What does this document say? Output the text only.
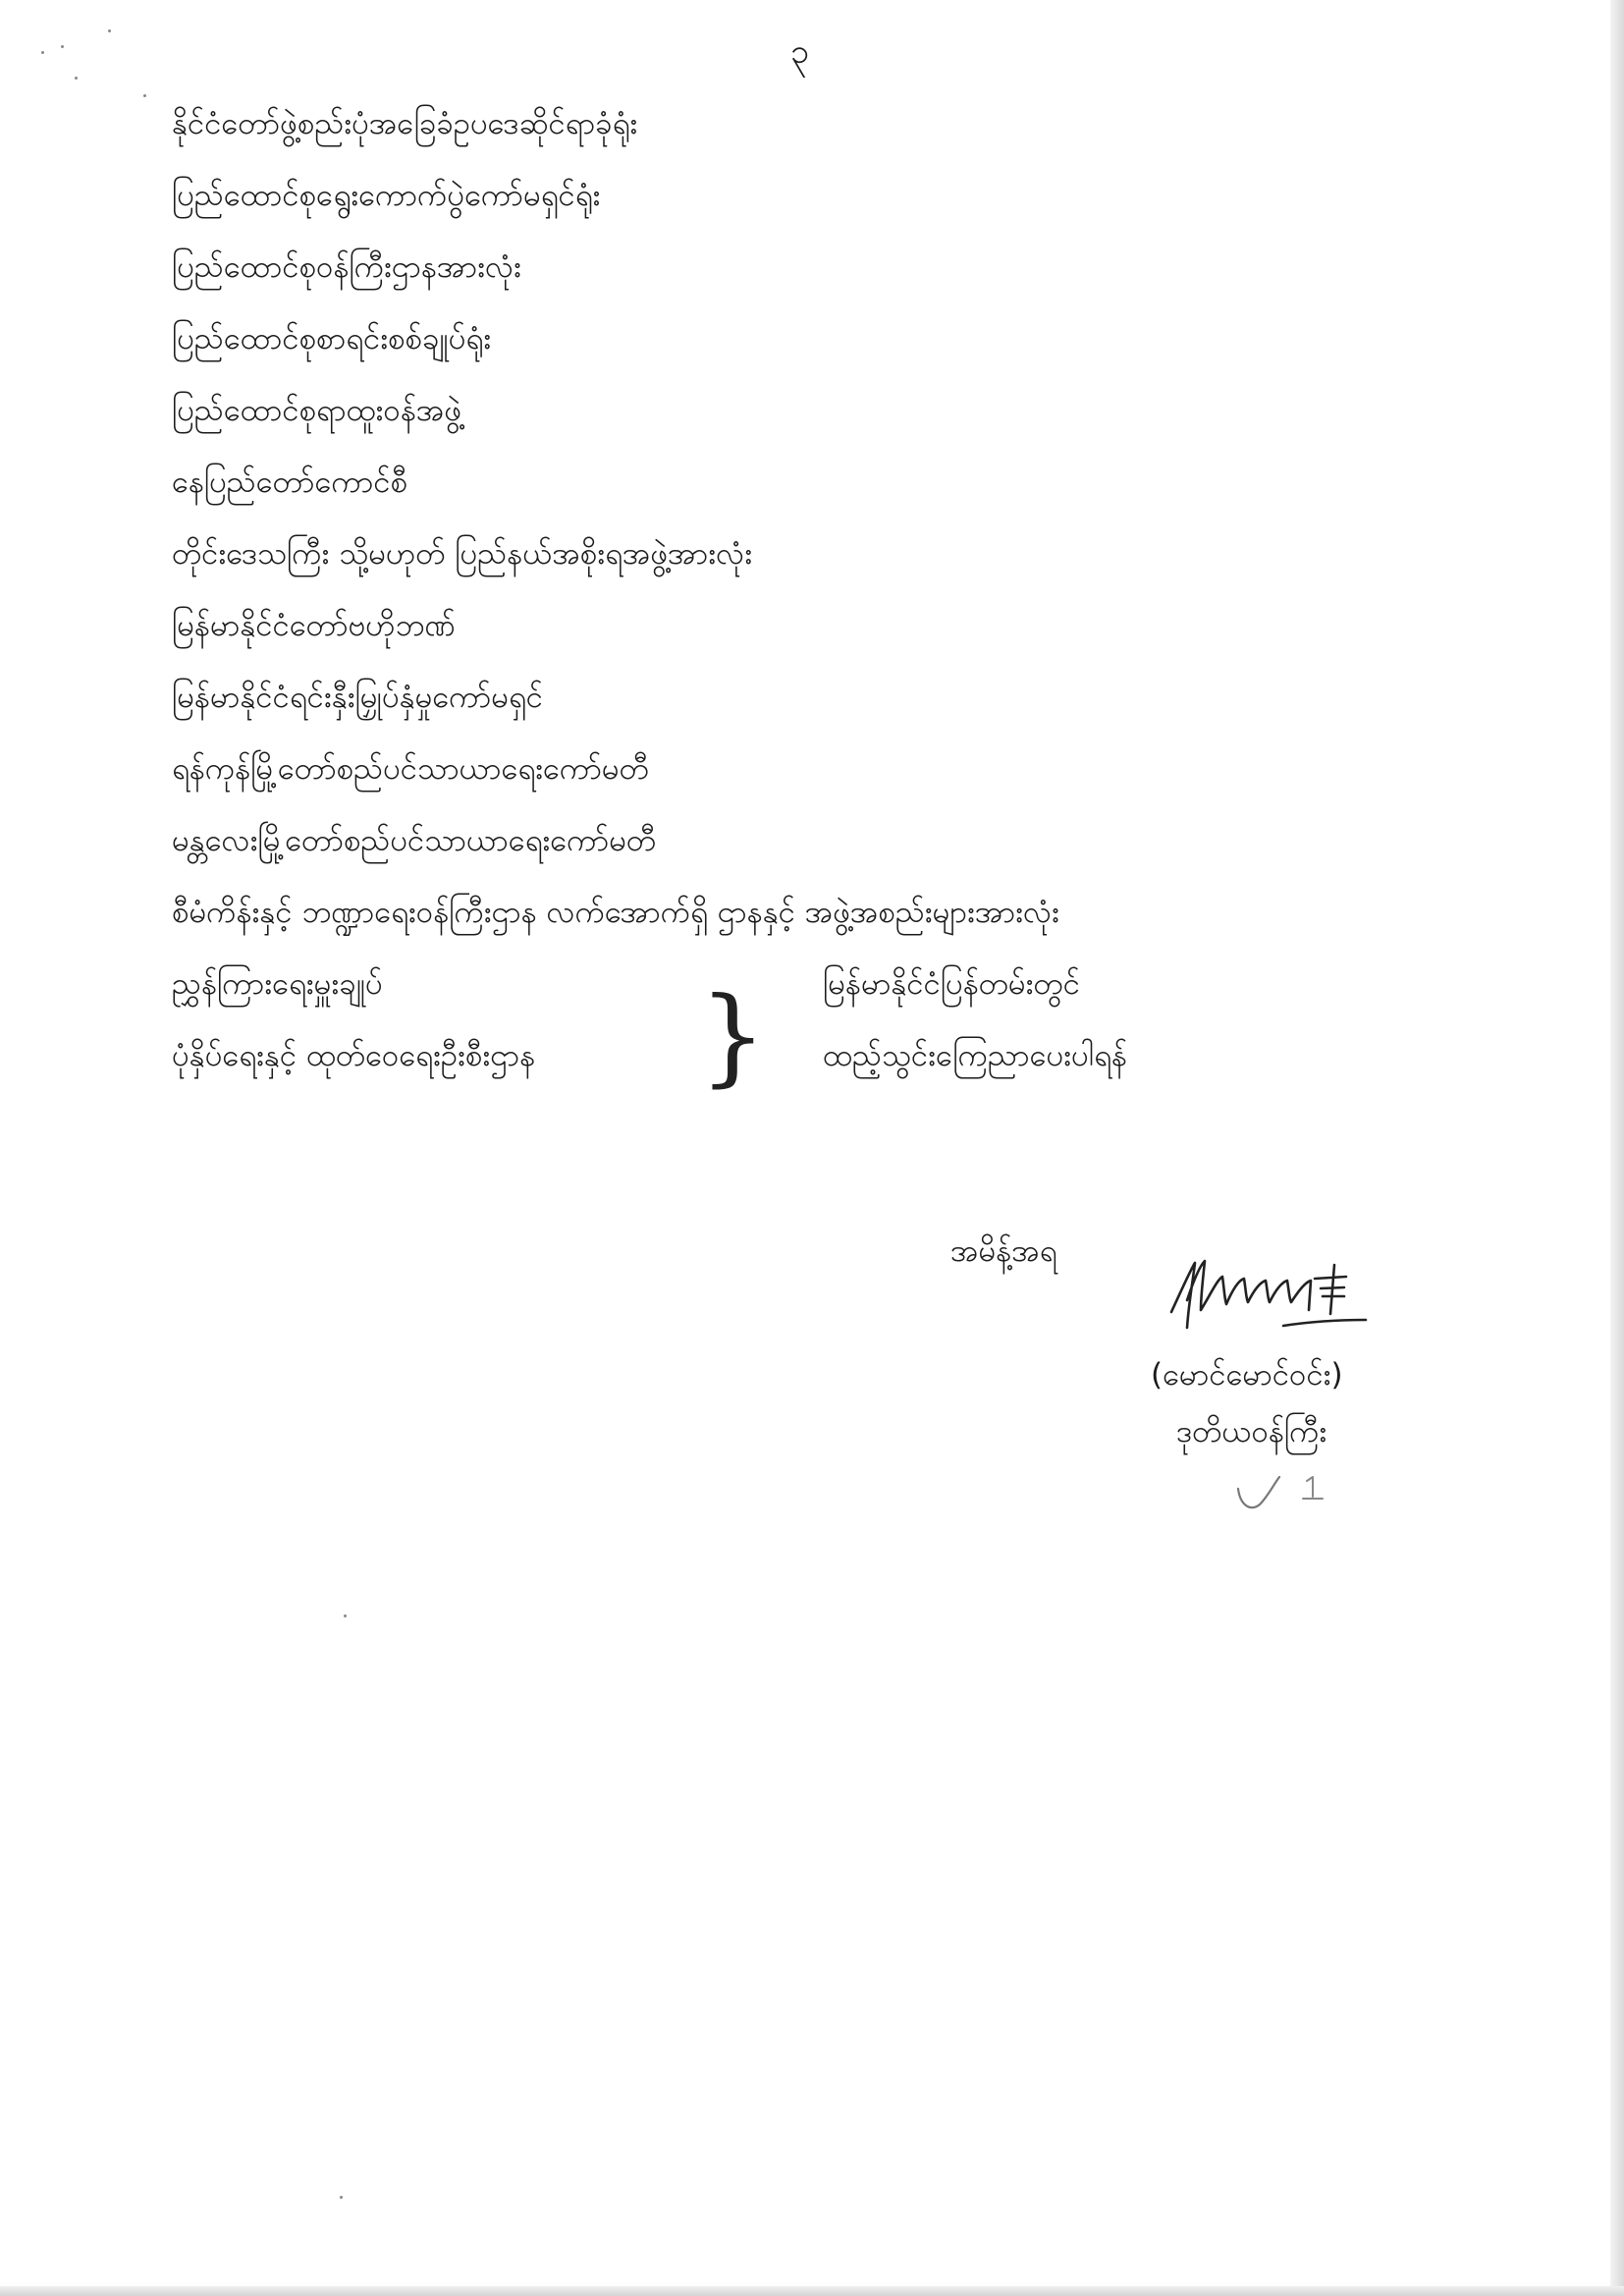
၃
နိုင်ငံတော်ဖွဲ့စည်းပုံအခြေခံဥပဒေဆိုင်ရာခုံရုံး
ပြည်ထောင်စုရွေးကောက်ပွဲကော်မရှင်ရုံး
ပြည်ထောင်စုဝန်ကြီးဌာနအားလုံး
ပြည်ထောင်စုစာရင်းစစ်ချုပ်ရုံး
ပြည်ထောင်စုရာထူးဝန်အဖွဲ့
နေပြည်တော်ကောင်စီ
တိုင်းဒေသကြီး သို့မဟုတ် ပြည်နယ်အစိုးရအဖွဲ့အားလုံး
မြန်မာနိုင်ငံတော်ဗဟိုဘဏ်
မြန်မာနိုင်ငံရင်းနှီးမြှုပ်နှံမှုကော်မရှင်
ရန်ကုန်မြို့တော်စည်ပင်သာယာရေးကော်မတီ
မန္တလေးမြို့တော်စည်ပင်သာယာရေးကော်မတီ
စီမံကိန်းနှင့် ဘဏ္ဍာရေးဝန်ကြီးဌာန လက်အောက်ရှိ ဌာနနှင့် အဖွဲ့အစည်းများအားလုံး
ညွှန်ကြားရေးမှူးချုပ်
ပုံနှိပ်ရေးနှင့် ထုတ်ဝေရေးဦးစီးဌာန } မြန်မာနိုင်ငံပြန်တမ်းတွင်
ထည့်သွင်းကြေညာပေးပါရန်
အမိန့်အရ
(မောင်မောင်ဝင်း)
ဒုတိယဝန်ကြီး
